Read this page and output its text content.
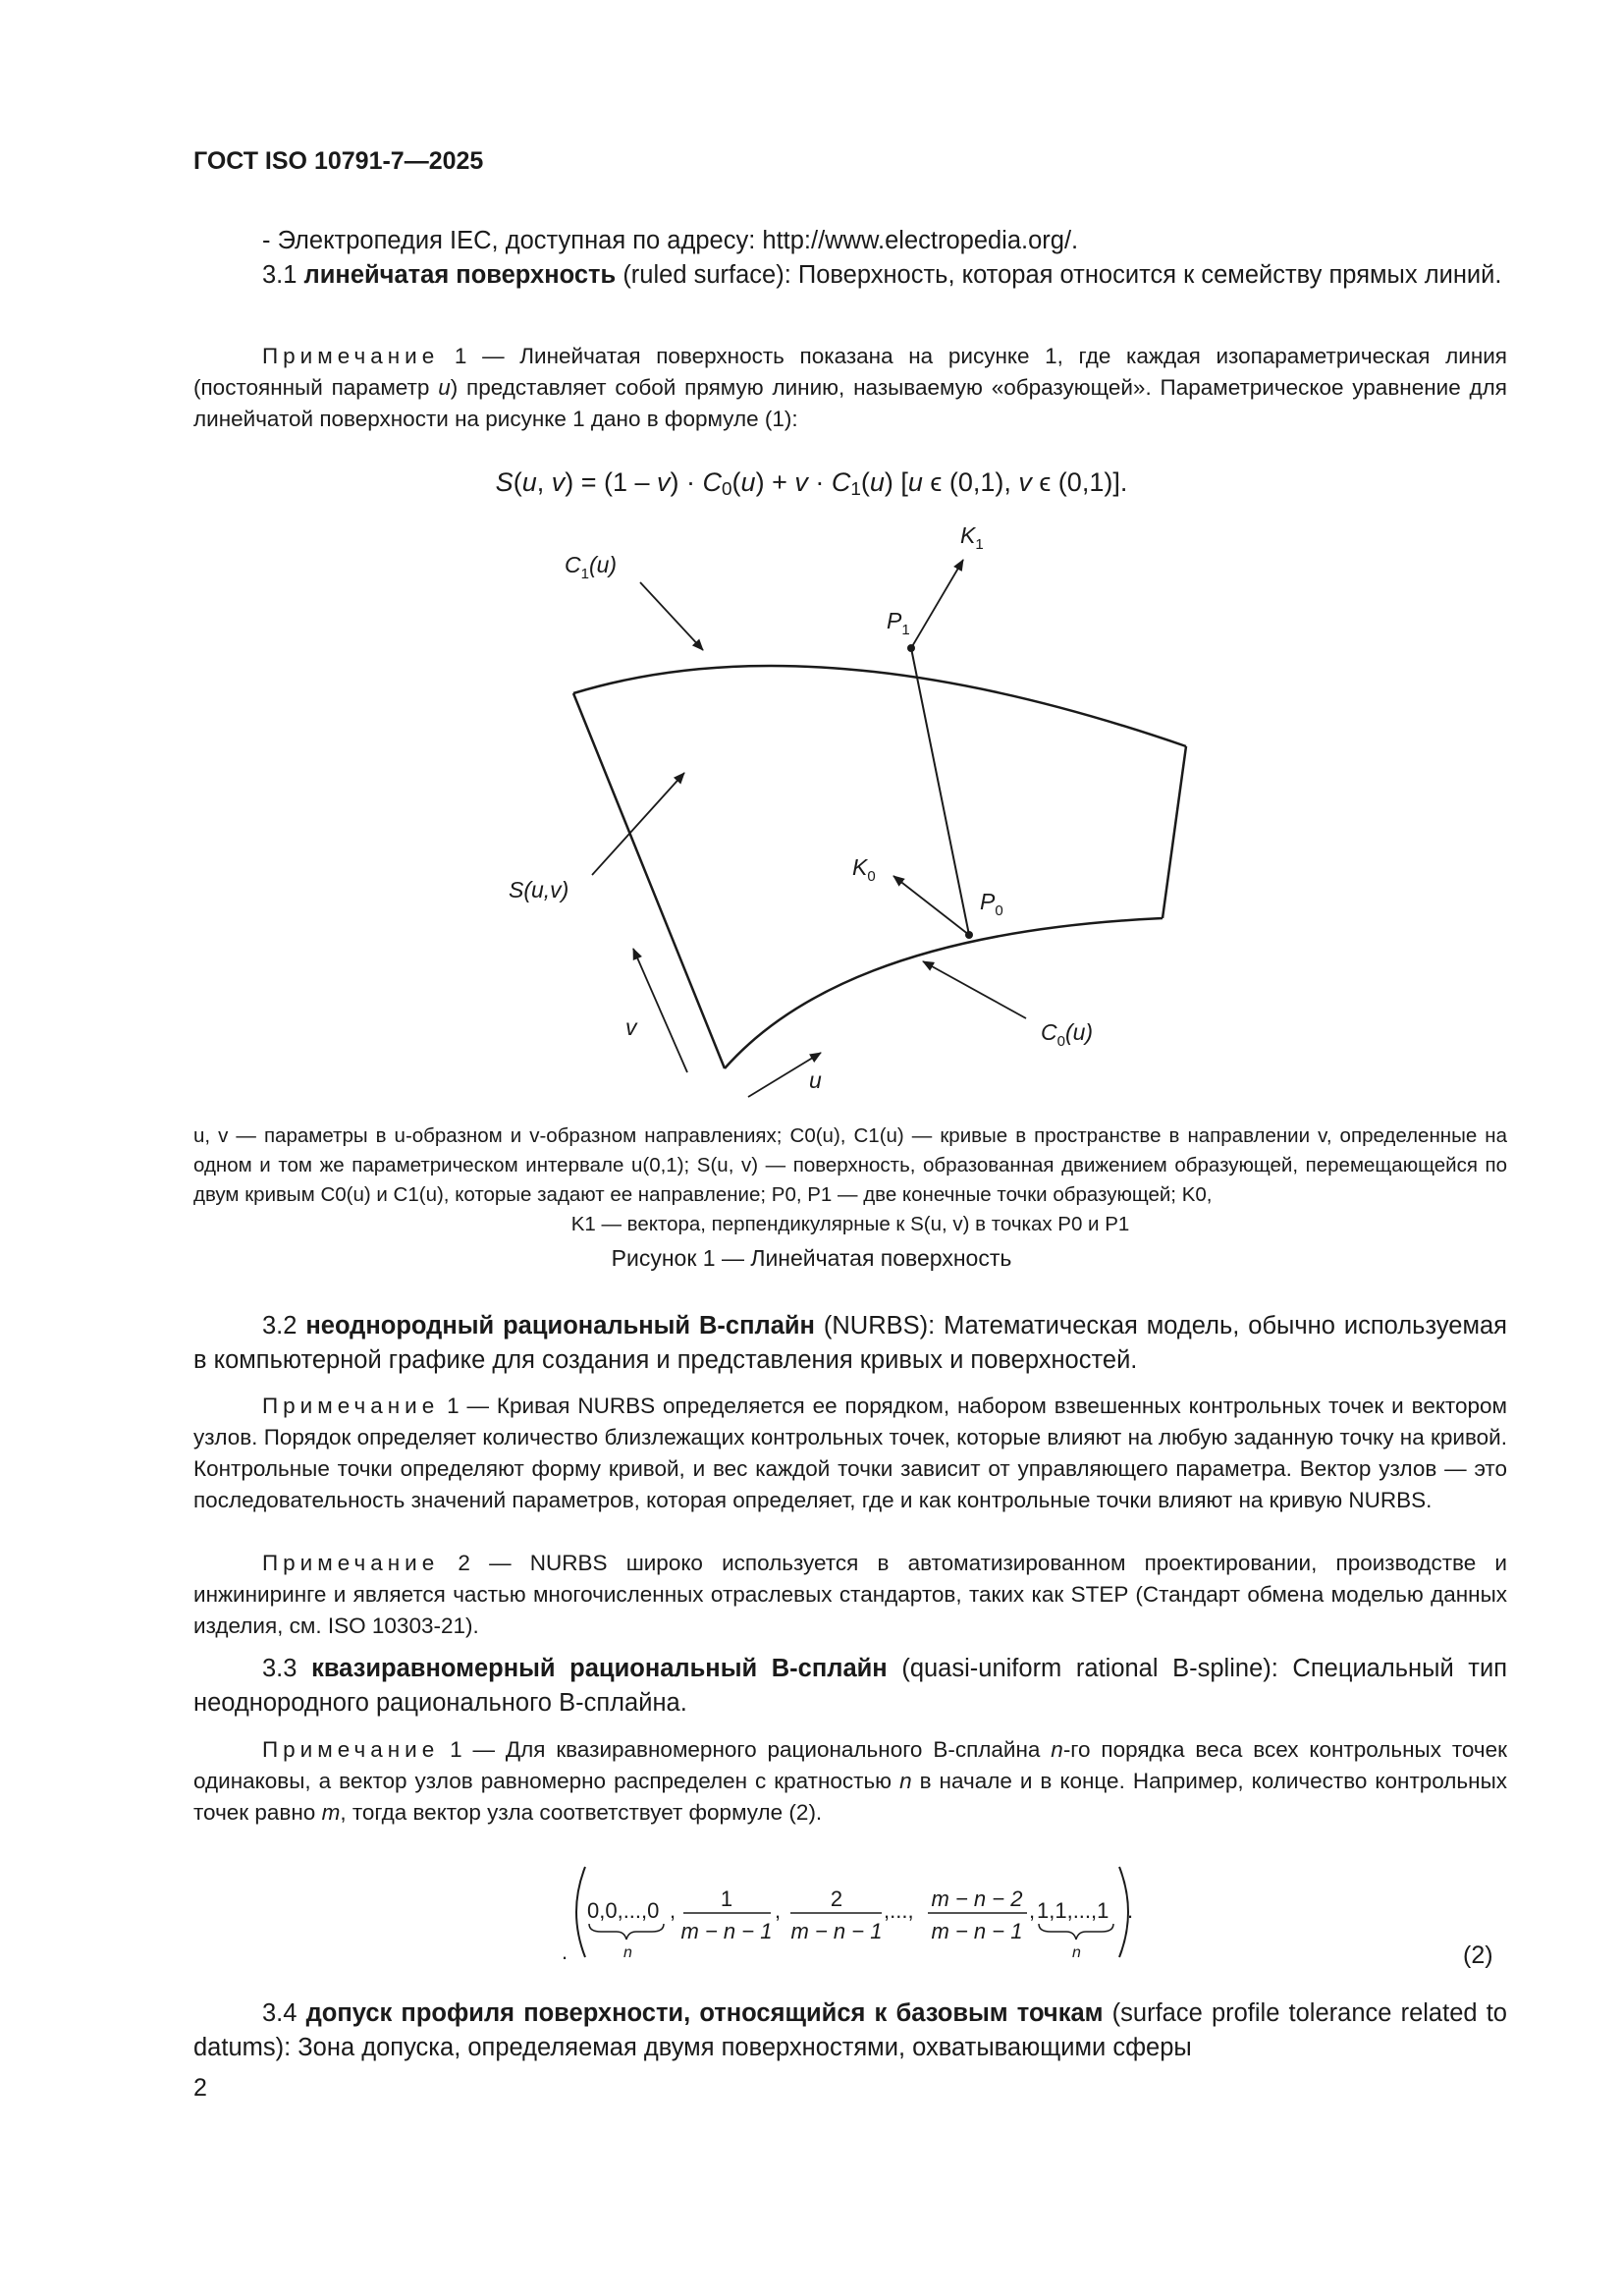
ГОСТ ISO 10791-7—2025
- Электропедия IEC, доступная по адресу: http://www.electropedia.org/.
3.1 линейчатая поверхность (ruled surface): Поверхность, которая относится к семейству прямых линий.
Примечание 1 — Линейчатая поверхность показана на рисунке 1, где каждая изопараметрическая линия (постоянный параметр u) представляет собой прямую линию, называемую «образующей». Параметрическое уравнение для линейчатой поверхности на рисунке 1 дано в формуле (1):
S(u, $v) = (1 - v) \cdot C_0(u) + v \cdot C_1(u)$ [u ϵ (0,1), v ϵ (0,1)].
$C_1(u)$
$K_1$
$P_1$
S(u,v)
$K_0$
$P_0$
v	$C_0(u)$
u
u, v — параметры в u-образном и v-образном направлениях; C0(u), C1(u) — кривые в пространстве в направлении v, определенные на одном и том же параметрическом интервале u(0,1); S(u, v) — поверхность, образованная движением образующей, перемещающейся по двум кривым C0(u) и C1(u), которые задают ее направление; P0, P1 — две конечные точки образующей; K0,
K1 — вектора, перпендикулярные к S(u, v) в точках P0 и P1
Рисунок 1 — Линейчатая поверхность
3.2 неоднородный рациональный B-сплайн (NURBS): Математическая модель, обычно используемая в компьютерной графике для создания и представления кривых и поверхностей.
Примечание 1 — Кривая NURBS определяется ее порядком, набором взвешенных контрольных точек и вектором узлов. Порядок определяет количество близлежащих контрольных точек, которые влияют на любую заданную точку на кривой. Контрольные точки определяют форму кривой, и вес каждой точки зависит от управляющего параметра. Вектор узлов — это последовательность значений параметров, которая определяет, где и как контрольные точки влияют на кривую NURBS.
Примечание 2 — NURBS широко используется в автоматизированном проектировании, производстве и инжиниринге и является частью многочисленных отраслевых стандартов, таких как STEP (Стандарт обмена моделью данных изделия, см. ISO 10303-21).
3.3 квазиравномерный рациональный B-сплайн (quasi-uniform rational B-spline): Специальный тип неоднородного рационального B-сплайна.
Примечание 1 — Для квазиравномерного рационального B-сплайна n-го порядка веса всех контрольных точек одинаковы, а вектор узлов равномерно распределен с кратностью n в начале и в конце. Например, количество контрольных точек равно m, тогда вектор узла соответствует формуле (2).
0,0,...,0
n
, 1
m − n − 1
, 2
m − n − 1
,..., m − n − 2
m − n − 1
, 1,1,...,1
n
.
.	(2)
3.4 допуск профиля поверхности, относящийся к базовым точкам (surface profile tolerance related to datums): Зона допуска, определяемая двумя поверхностями, охватывающими сферы
2
